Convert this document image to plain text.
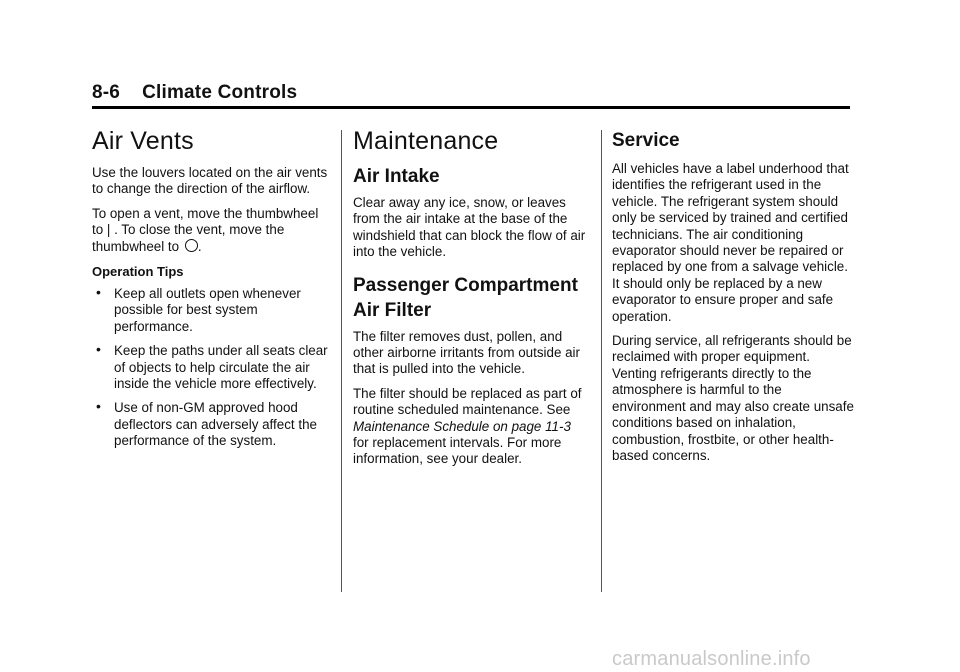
8-6 Climate Controls
Air Vents

Use the louvers located on the air vents to change the direction of the airflow.

To open a vent, move the thumbwheel to | . To close the vent, move the thumbwheel to .

Operation Tips
• Keep all outlets open whenever possible for best system performance.
• Keep the paths under all seats clear of objects to help circulate the air inside the vehicle more effectively.
• Use of non-GM approved hood deflectors can adversely affect the performance of the system.
Maintenance
Air Intake

Clear away any ice, snow, or leaves from the air intake at the base of the windshield that can block the flow of air into the vehicle.

Passenger Compartment Air Filter

The filter removes dust, pollen, and other airborne irritants from outside air that is pulled into the vehicle.

The filter should be replaced as part of routine scheduled maintenance. See Maintenance Schedule on page 11-3 for replacement intervals. For more information, see your dealer.

Service

All vehicles have a label underhood that identifies the refrigerant used in the vehicle. The refrigerant system should only be serviced by trained and certified technicians. The air conditioning evaporator should never be repaired or replaced by one from a salvage vehicle.

It should only be replaced by a new evaporator to ensure proper and safe operation.

During service, all refrigerants should be reclaimed with proper equipment. Venting refrigerants directly to the atmosphere is harmful to the environment and may also create unsafe conditions based on inhalation, combustion, frostbite, or other health-based concerns.

carmanualsonline.info
